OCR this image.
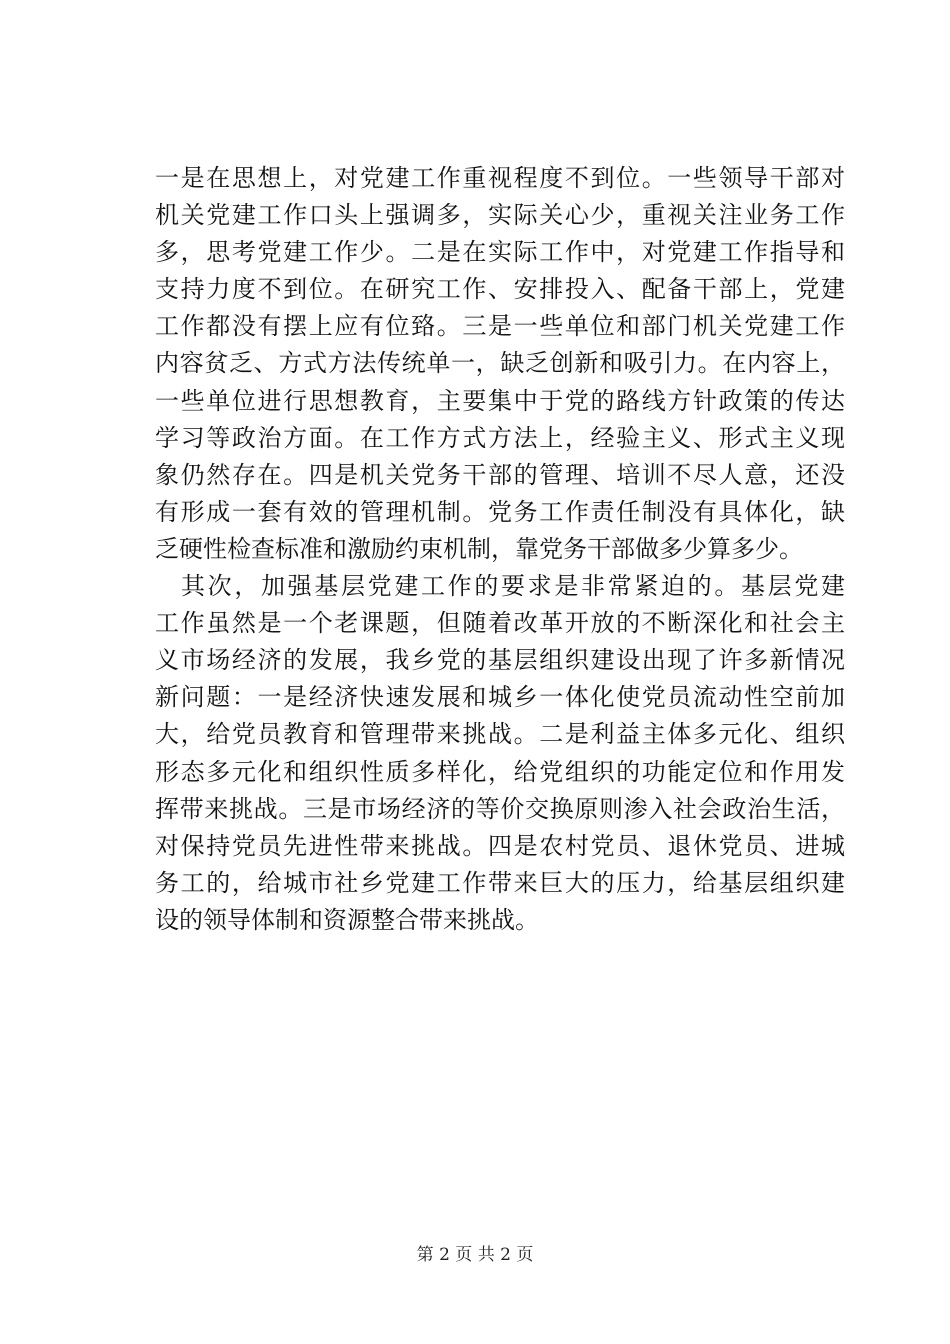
一是在思想上，对党建工作重视程度不到位。一些领导干部对
机关党建工作口头上强调多，实际关心少，重视关注业务工作
多，思考党建工作少。二是在实际工作中，对党建工作指导和
支持力度不到位。在研究工作、安排投入、配备干部上，党建
工作都没有摆上应有位臵。三是一些单位和部门机关党建工作
内容贫乏、方式方法传统单一，缺乏创新和吸引力。在内容上，
一些单位进行思想教育，主要集中于党的路线方针政策的传达
学习等政治方面。在工作方式方法上，经验主义、形式主义现
象仍然存在。四是机关党务干部的管理、培训不尽人意，还没
有形成一套有效的管理机制。党务工作责任制没有具体化，缺
乏硬性检查标准和激励约束机制，靠党务干部做多少算多少。
其次，加强基层党建工作的要求是非常紧迫的。基层党建
工作虽然是一个老课题，但随着改革开放的不断深化和社会主
义市场经济的发展，我乡党的基层组织建设出现了许多新情况
新问题：一是经济快速发展和城乡一体化使党员流动性空前加
大，给党员教育和管理带来挑战。二是利益主体多元化、组织
形态多元化和组织性质多样化，给党组织的功能定位和作用发
挥带来挑战。三是市场经济的等价交换原则渗入社会政治生活，
对保持党员先进性带来挑战。四是农村党员、退休党员、进城
务工的，给城市社乡党建工作带来巨大的压力，给基层组织建
设的领导体制和资源整合带来挑战。
第 2 页 共 2 页
